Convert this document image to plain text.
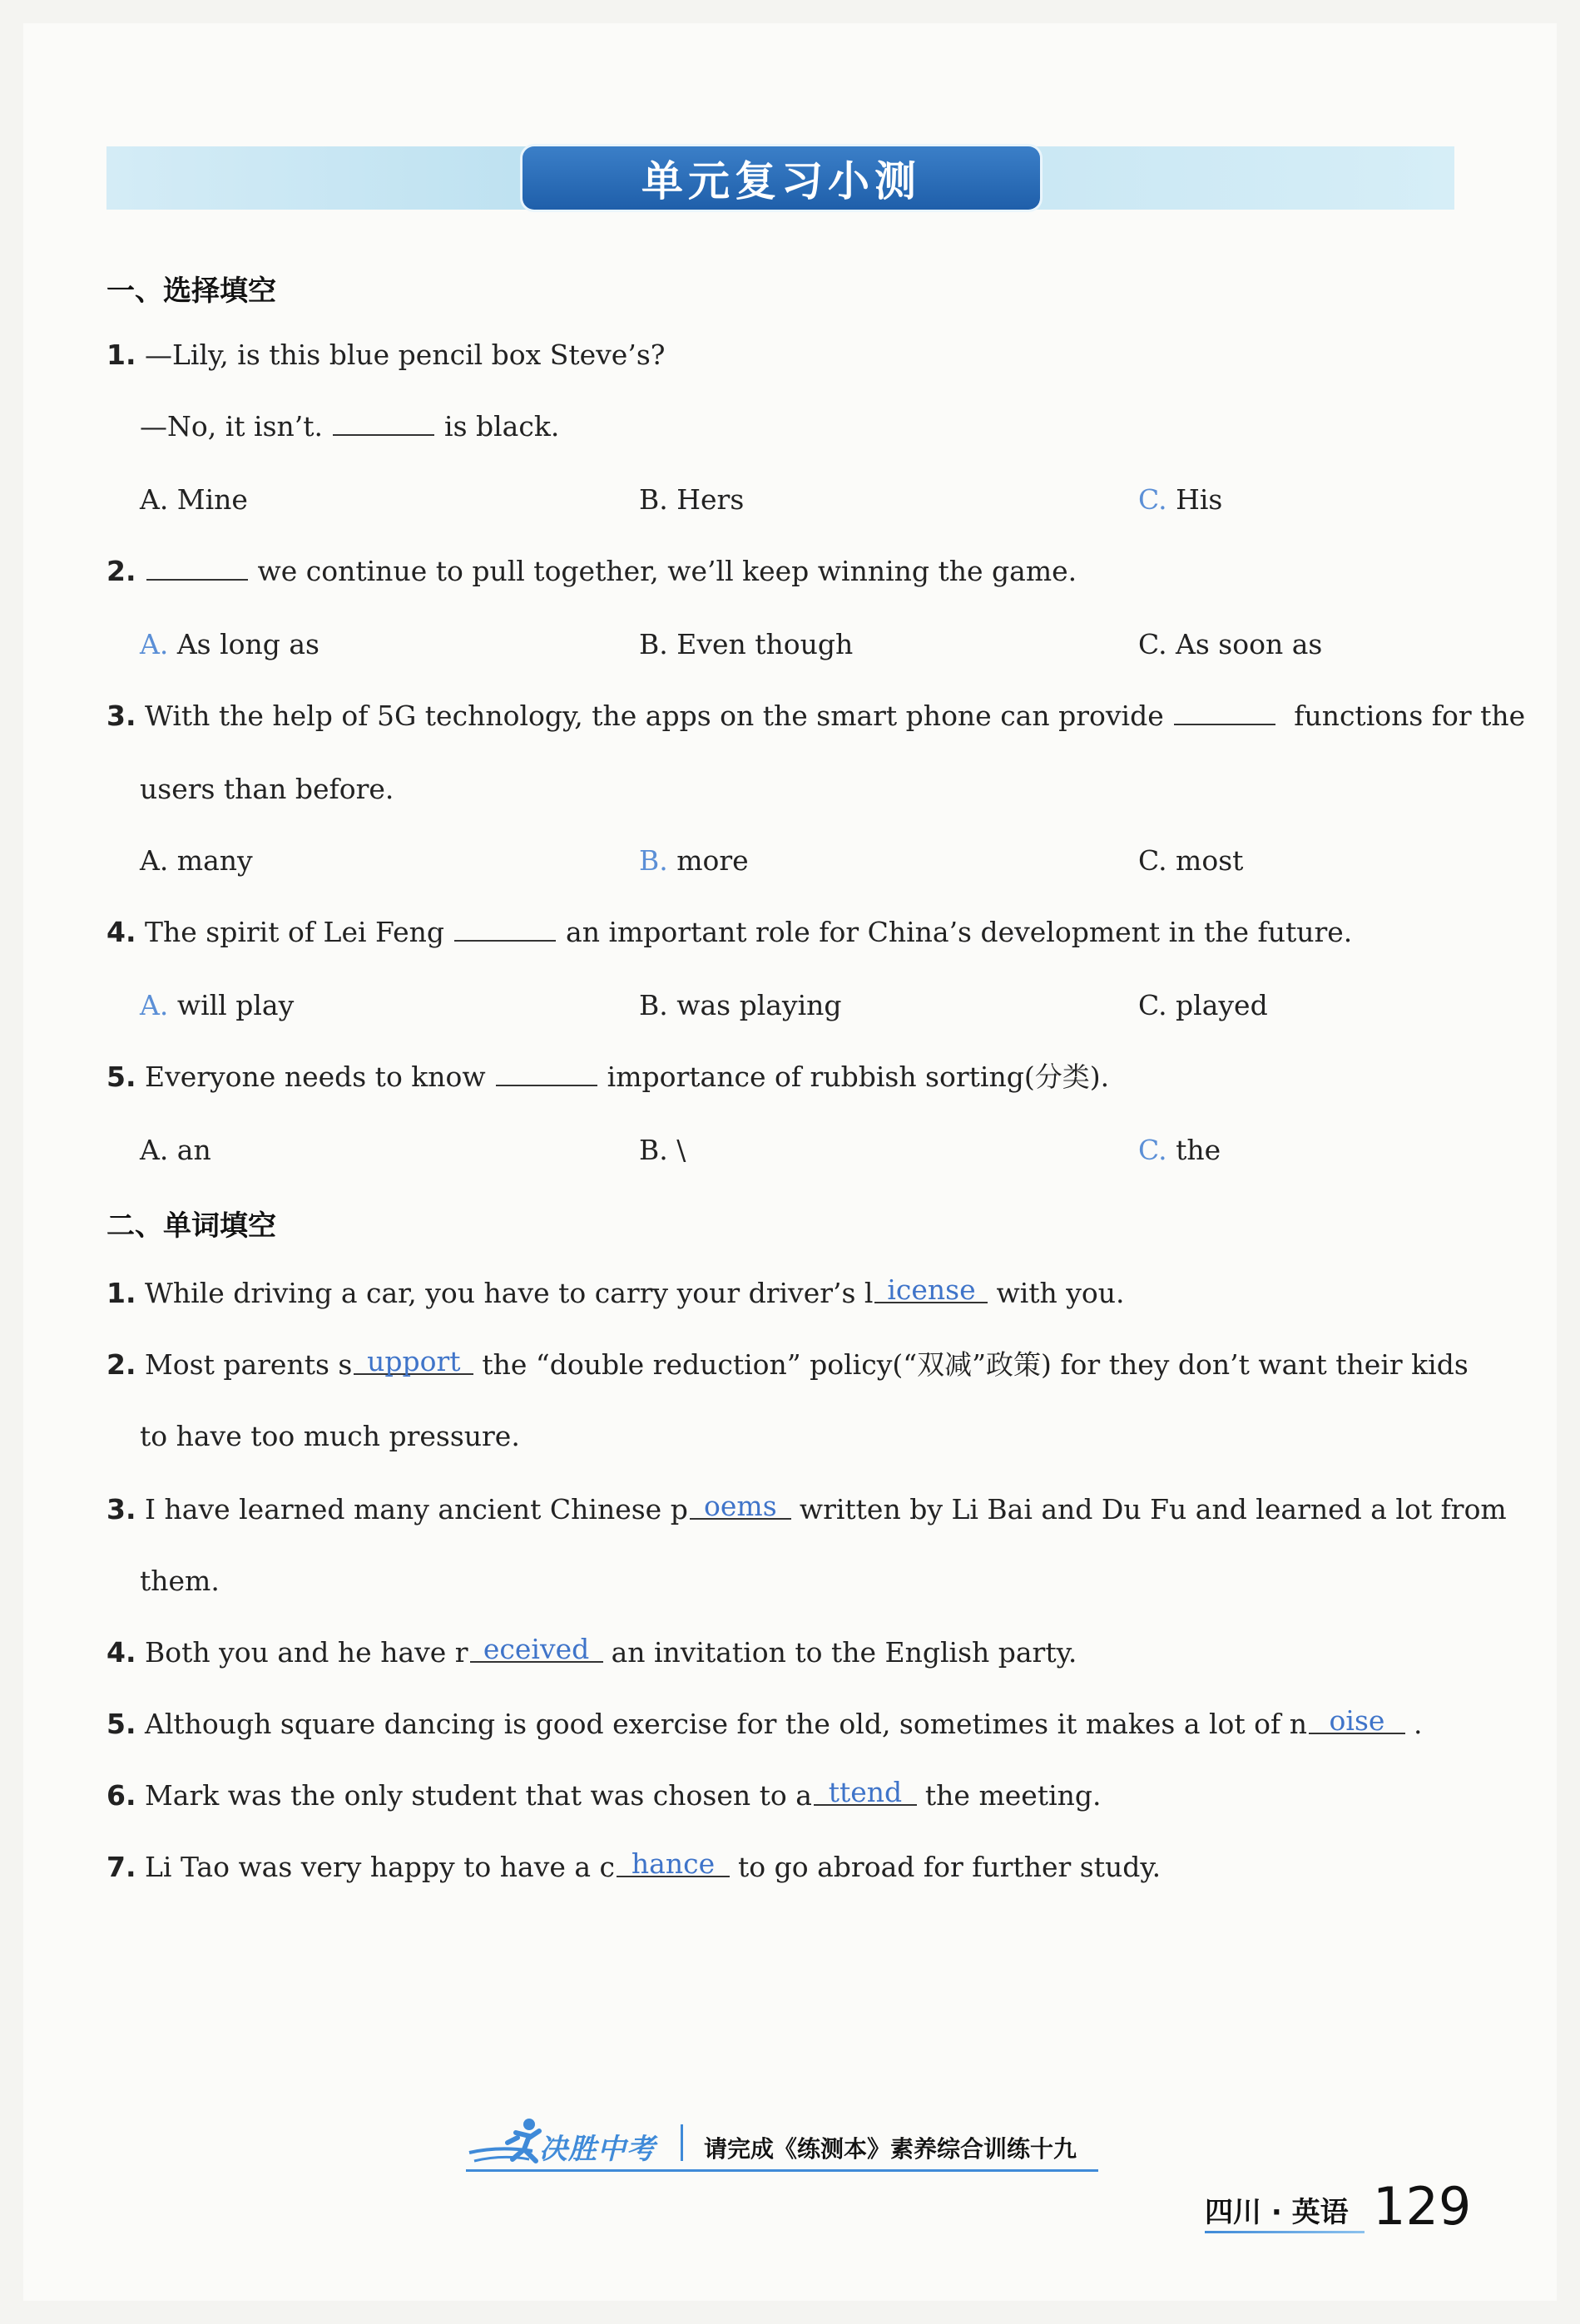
单元复习小测
一、选择填空
1. —Lily, is this blue pencil box Steve’s?
—No, it isn’t.	is black.
A. Mine	B. Hers	C. His
2.	we continue to pull together, we’ll keep winning the game.
A. As long as	B. Even though	C. As soon as
3. With the help of 5G technology, the apps on the smart phone can provide	functions for the
users than before.
A. many	B. more	C. most
4. The spirit of Lei Feng	an important role for China’s development in the future.
A. will play	B. was playing	C. played
5. Everyone needs to know	importance of rubbish sorting(分类).
A. an	B. \	C. the
二、单词填空
1. While driving a car, you have to carry your driver’s l icense with you.
2. Most parents s upport the “double reduction” policy(“双减”政策) for they don’t want their kids
to have too much pressure.
3. I have learned many ancient Chinese p oems written by Li Bai and Du Fu and learned a lot from
them.
4. Both you and he have r eceived an invitation to the English party.
5. Although square dancing is good exercise for the old, sometimes it makes a lot of n oise .
6. Mark was the only student that was chosen to a ttend the meeting.
7. Li Tao was very happy to have a c hance to go abroad for further study.
决胜中考 请完成《练测本》素养综合训练十九
四川 · 英语 129
